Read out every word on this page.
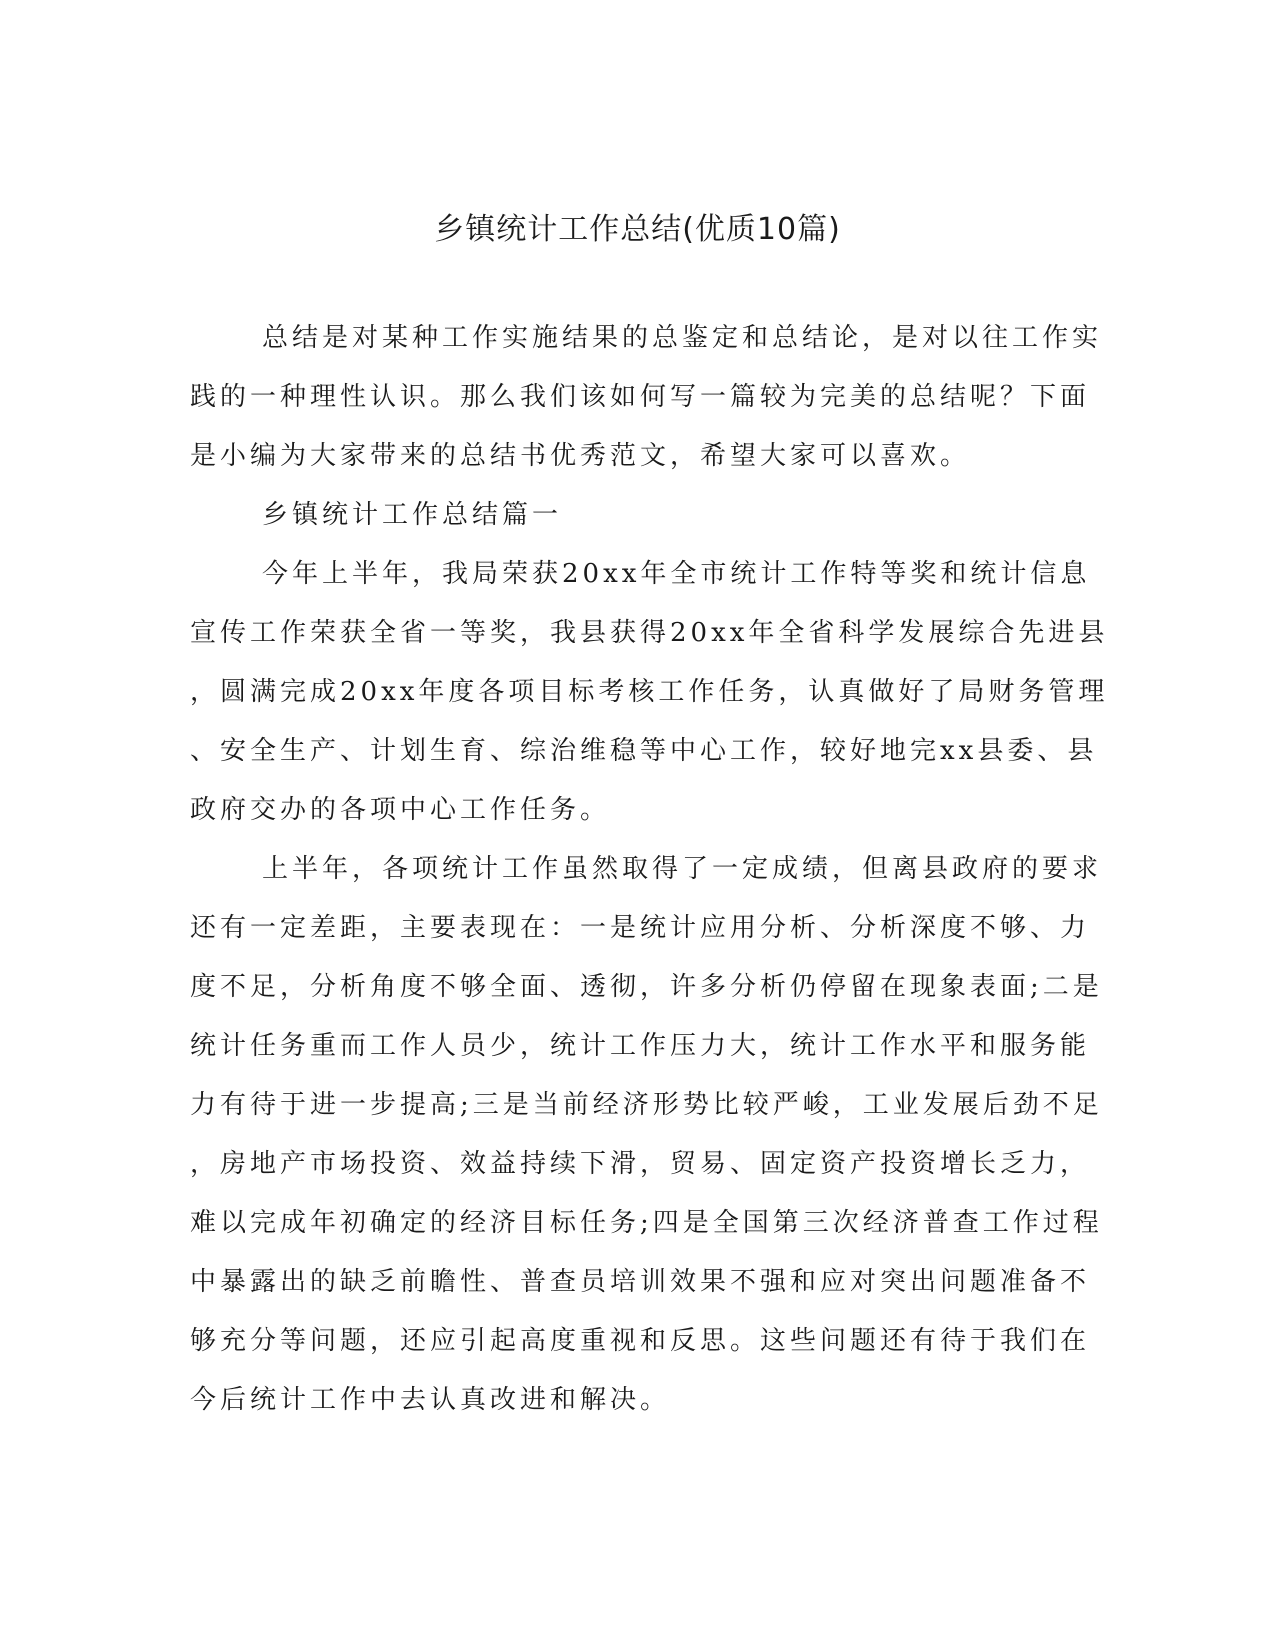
乡镇统计工作总结(优质10篇)
总结是对某种工作实施结果的总鉴定和总结论，是对以往工作实
践的一种理性认识。那么我们该如何写一篇较为完美的总结呢？下面
是小编为大家带来的总结书优秀范文，希望大家可以喜欢。
乡镇统计工作总结篇一
今年上半年，我局荣获20xx年全市统计工作特等奖和统计信息
宣传工作荣获全省一等奖，我县获得20xx年全省科学发展综合先进县
，圆满完成20xx年度各项目标考核工作任务，认真做好了局财务管理
、安全生产、计划生育、综治维稳等中心工作，较好地完xx县委、县
政府交办的各项中心工作任务。
上半年，各项统计工作虽然取得了一定成绩，但离县政府的要求
还有一定差距，主要表现在：一是统计应用分析、分析深度不够、力
度不足，分析角度不够全面、透彻，许多分析仍停留在现象表面;二是
统计任务重而工作人员少，统计工作压力大，统计工作水平和服务能
力有待于进一步提高;三是当前经济形势比较严峻，工业发展后劲不足
，房地产市场投资、效益持续下滑，贸易、固定资产投资增长乏力，
难以完成年初确定的经济目标任务;四是全国第三次经济普查工作过程
中暴露出的缺乏前瞻性、普查员培训效果不强和应对突出问题准备不
够充分等问题，还应引起高度重视和反思。这些问题还有待于我们在
今后统计工作中去认真改进和解决。
